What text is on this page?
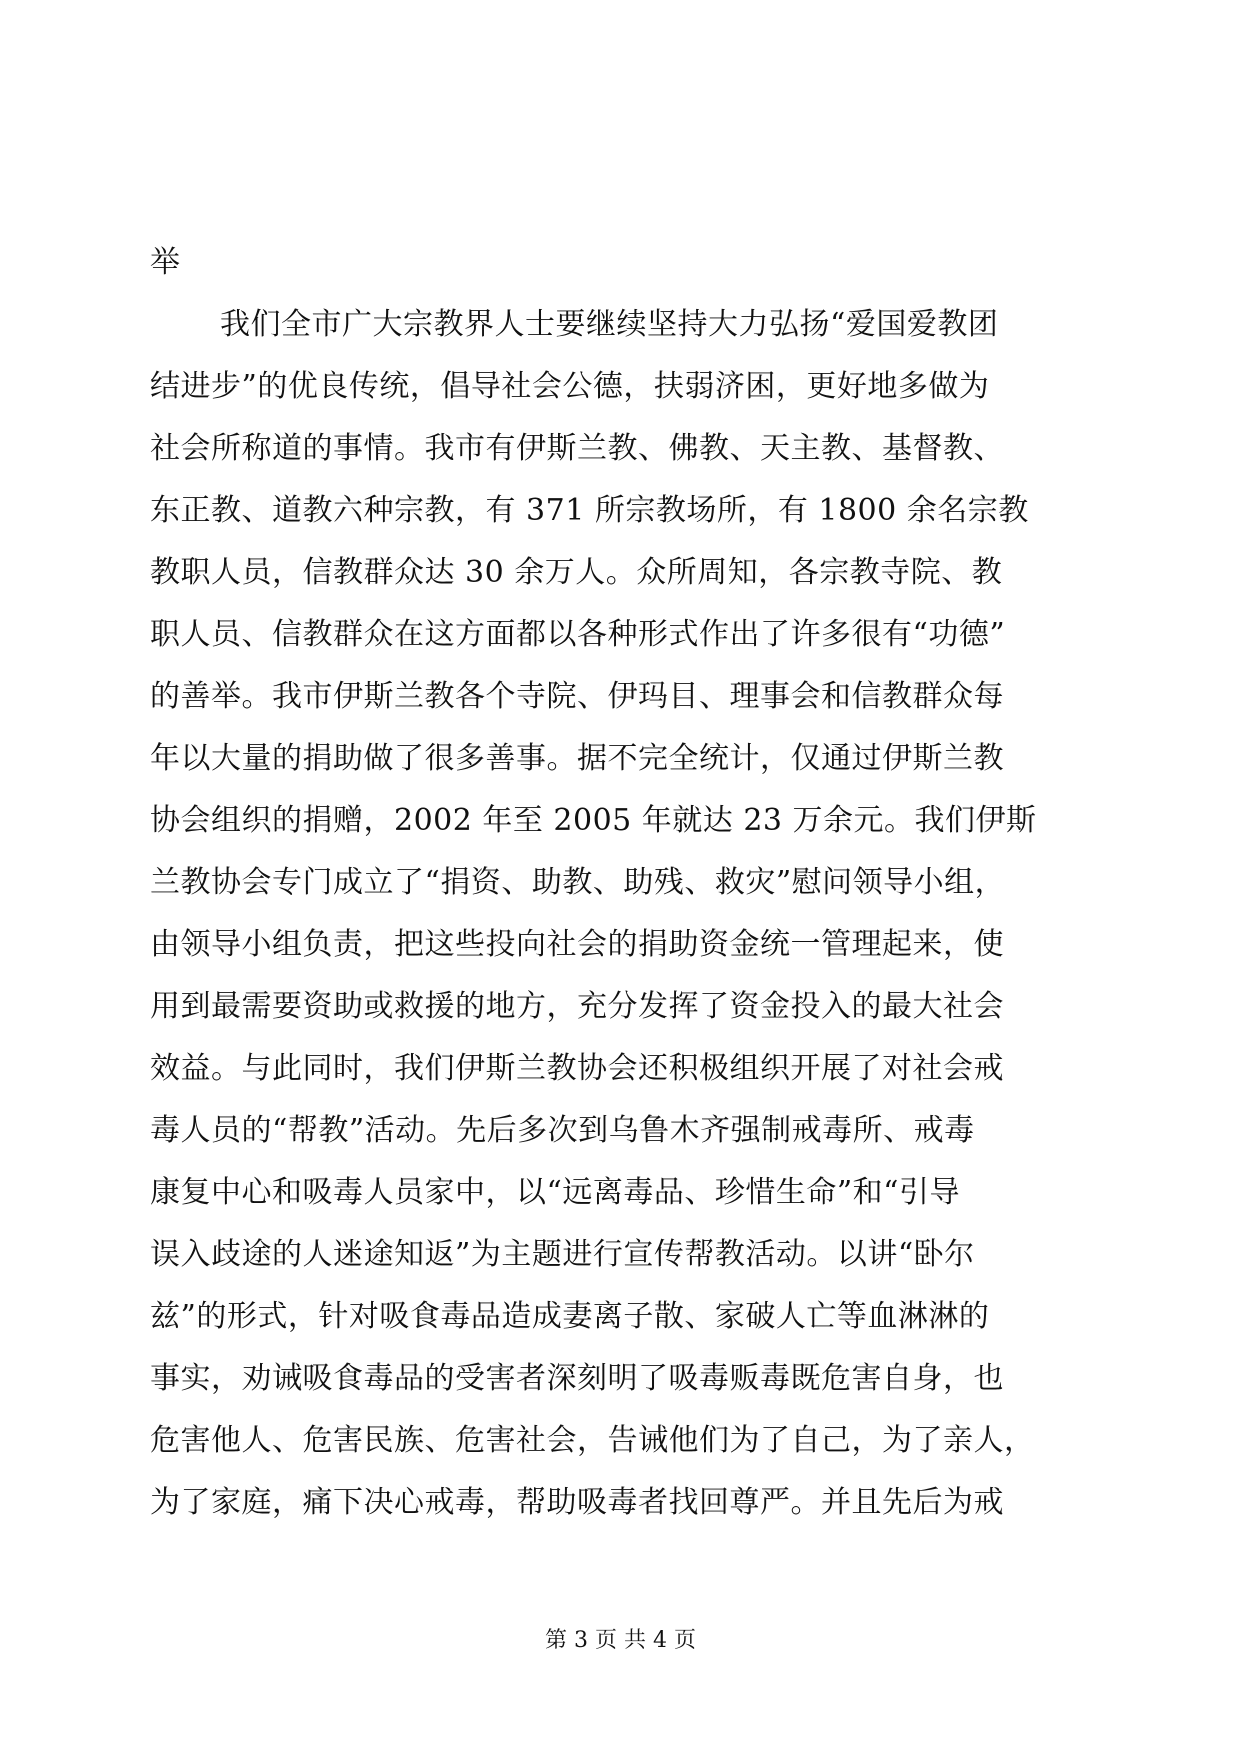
举
我们全市广大宗教界人士要继续坚持大力弘扬“爱国爱教团
结进步”的优良传统，倡导社会公德，扶弱济困，更好地多做为
社会所称道的事情。我市有伊斯兰教、佛教、天主教、基督教、
东正教、道教六种宗教，有 371 所宗教场所，有 1800 余名宗教
教职人员，信教群众达 30 余万人。众所周知，各宗教寺院、教
职人员、信教群众在这方面都以各种形式作出了许多很有“功德”
的善举。我市伊斯兰教各个寺院、伊玛目、理事会和信教群众每
年以大量的捐助做了很多善事。据不完全统计，仅通过伊斯兰教
协会组织的捐赠，2002 年至 2005 年就达 23 万余元。我们伊斯
兰教协会专门成立了“捐资、助教、助残、救灾”慰问领导小组，
由领导小组负责，把这些投向社会的捐助资金统一管理起来，使
用到最需要资助或救援的地方，充分发挥了资金投入的最大社会
效益。与此同时，我们伊斯兰教协会还积极组织开展了对社会戒
毒人员的“帮教”活动。先后多次到乌鲁木齐强制戒毒所、戒毒
康复中心和吸毒人员家中，以“远离毒品、珍惜生命”和“引导
误入歧途的人迷途知返”为主题进行宣传帮教活动。以讲“卧尔
兹”的形式，针对吸食毒品造成妻离子散、家破人亡等血淋淋的
事实，劝诫吸食毒品的受害者深刻明了吸毒贩毒既危害自身，也
危害他人、危害民族、危害社会，告诫他们为了自己，为了亲人，
为了家庭，痛下决心戒毒，帮助吸毒者找回尊严。并且先后为戒
第 3 页 共 4 页
